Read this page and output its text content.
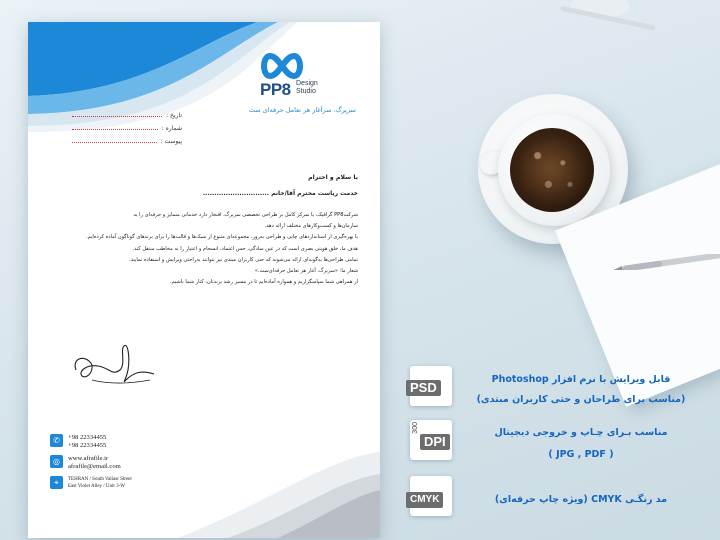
PP8 Design
Studio
سرپرگ، سرآغاز هر تعامل حرفه‌ای ست
تاریخ :
شماره :
پیوست :
با سلام و احترام
خدمت ریاست محترم آقا/خانم .............................
شرکتPP8 گرافیک، با تمرکز کامل بر طراحی تخصصی سربرگ، افتخار دارد خدماتی متمایز و حرفه‌ای را به
سازمان‌ها و کسب‌وکارهای مختلف ارائه دهد.
با بهره‌گیری از استانداردهای چاپی و طراحی به‌روز، مجموعه‌ای متنوع از سبک‌ها و قالب‌ها را برای برندهای گوناگون آماده کرده‌ایم.
هدف ما، خلق هویتی بصری است که در عین سادگی، حس اعتماد، انسجام و اعتبار را به مخاطب منتقل کند.
تمامی طراحی‌ها به‌گونه‌ای ارائه می‌شوند که حتی کاربران مبتدی نیز بتوانند به‌راحتی ویرایش و استفاده نمایند.
شعار ما: «سربرگ، آغاز هر تعامل حرفه‌ای‌ست.»
از همراهی شما سپاسگزاریم و همواره آماده‌ایم تا در مسیر رشد برندتان، کنار شما باشیم.
✆	+98 22334455
+98 22334455
◎	www.afrafile.ir
afrafile@email.com
⌖	TEHRAN / South Valiasr Street
East Violet Alley / Unit 3-W
PSD
قابل ویرایش با نرم افزار Photoshop
(مناسب برای طراحان و حتی کاربران مبتدی)
300
DPI
مناسب بـرای چـاپ و خروجی دیجیتال
( JPG , PDF )
CMYK	مد رنگـی CMYK (ویژه چاپ حرفه‌ای)
